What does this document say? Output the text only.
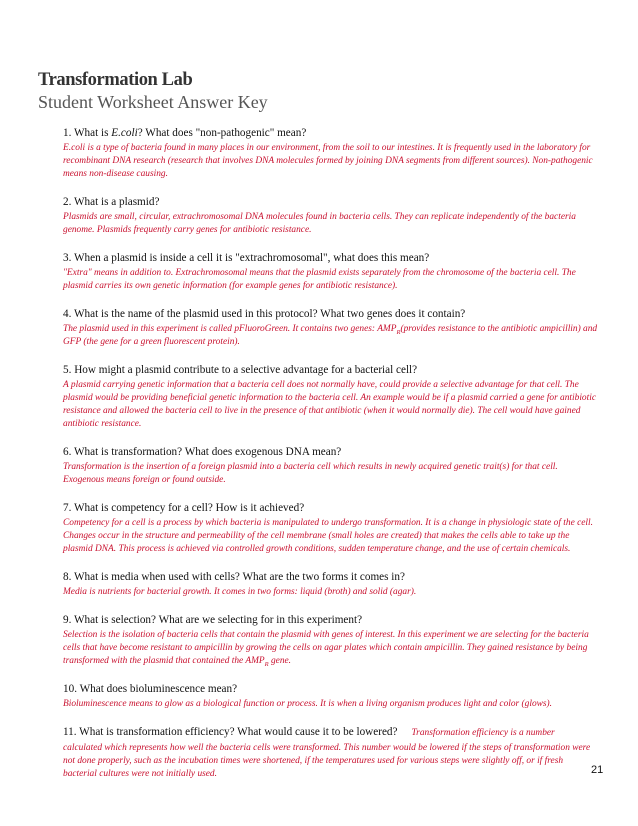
Transformation Lab
Student Worksheet Answer Key
1. What is E.coli? What does "non-pathogenic" mean?
E.coli is a type of bacteria found in many places in our environment, from the soil to our intestines. It is frequently used in the laboratory for recombinant DNA research (research that involves DNA molecules formed by joining DNA segments from different sources). Non-pathogenic means non-disease causing.
2. What is a plasmid?
Plasmids are small, circular, extrachromosomal DNA molecules found in bacteria cells. They can replicate independently of the bacteria genome. Plasmids frequently carry genes for antibiotic resistance.
3. When a plasmid is inside a cell it is "extrachromosomal", what does this mean?
"Extra" means in addition to. Extrachromosomal means that the plasmid exists separately from the chromosome of the bacteria cell. The plasmid carries its own genetic information (for example genes for antibiotic resistance).
4. What is the name of the plasmid used in this protocol? What two genes does it contain?
The plasmid used in this experiment is called pFluoroGreen. It contains two genes: $AMP_R(provides$ resistance to the antibiotic ampicillin) and GFP (the gene for a green fluorescent protein).
5. How might a plasmid contribute to a selective advantage for a bacterial cell?
A plasmid carrying genetic information that a bacteria cell does not normally have, could provide a selective advantage for that cell. The plasmid would be providing beneficial genetic information to the bacteria cell. An example would be if a plasmid carried a gene for antibiotic resistance and allowed the bacteria cell to live in the presence of that antibiotic (when it would normally die). The cell would have gained antibiotic resistance.
6. What is transformation? What does exogenous DNA mean?
Transformation is the insertion of a foreign plasmid into a bacteria cell which results in newly acquired genetic trait(s) for that cell. Exogenous means foreign or found outside.
7. What is competency for a cell? How is it achieved?
Competency for a cell is a process by which bacteria is manipulated to undergo transformation. It is a change in physiologic state of the cell. Changes occur in the structure and permeability of the cell membrane (small holes are created) that makes the cells able to take up the plasmid DNA. This process is achieved via controlled growth conditions, sudden temperature change, and the use of certain chemicals.
8. What is media when used with cells? What are the two forms it comes in?
Media is nutrients for bacterial growth. It comes in two forms: liquid (broth) and solid (agar).
9. What is selection? What are we selecting for in this experiment?
Selection is the isolation of bacteria cells that contain the plasmid with genes of interest. In this experiment we are selecting for the bacteria cells that have become resistant to ampicillin by growing the cells on agar plates which contain ampicillin. They gained resistance by being transformed with the plasmid that contained the $AMP_R$ gene.
10. What does bioluminescence mean?
Bioluminescence means to glow as a biological function or process. It is when a living organism produces light and color (glows).
11. What is transformation efficiency? What would cause it to be lowered? Transformation efficiency is a number
calculated which represents how well the bacteria cells were transformed. This number would be lowered if the steps of transformation were not done properly, such as the incubation times were shortened, if the temperatures used for various steps were slightly off, or if fresh bacterial cultures were not initially used.	21
